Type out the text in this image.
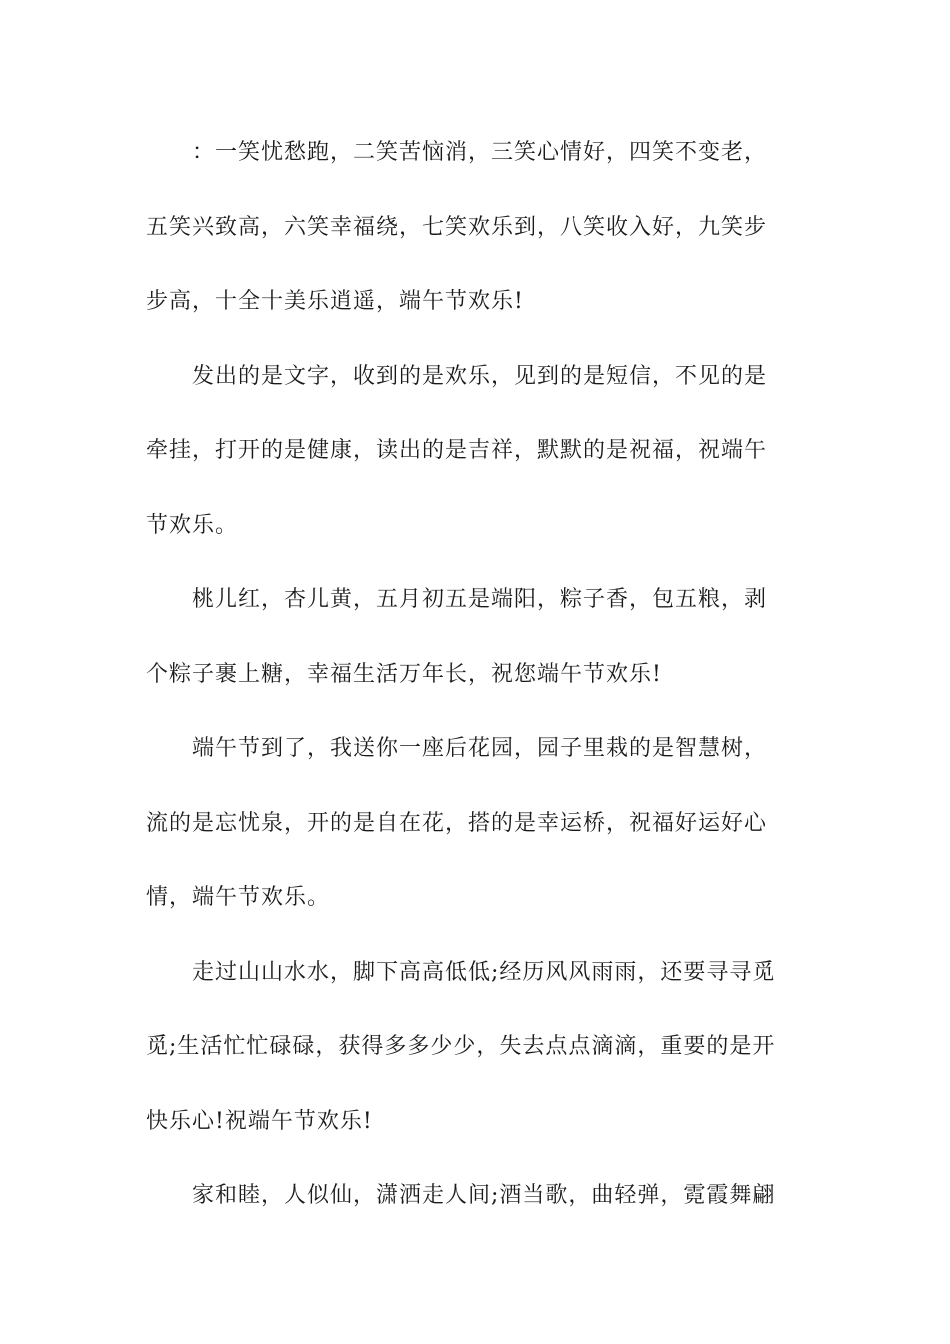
：一笑忧愁跑，二笑苦恼消，三笑心情好，四笑不变老，
五笑兴致高，六笑幸福绕，七笑欢乐到，八笑收入好，九笑步
步高，十全十美乐逍遥，端午节欢乐!
发出的是文字，收到的是欢乐，见到的是短信，不见的是
牵挂，打开的是健康，读出的是吉祥，默默的是祝福，祝端午
节欢乐。
桃儿红，杏儿黄，五月初五是端阳，粽子香，包五粮，剥
个粽子裹上糖，幸福生活万年长，祝您端午节欢乐!
端午节到了，我送你一座后花园，园子里栽的是智慧树，
流的是忘忧泉，开的是自在花，搭的是幸运桥，祝福好运好心
情，端午节欢乐。
走过山山水水，脚下高高低低;经历风风雨雨，还要寻寻觅
觅;生活忙忙碌碌，获得多多少少，失去点点滴滴，重要的是开
快乐心!祝端午节欢乐!
家和睦，人似仙，潇洒走人间;酒当歌，曲轻弹，霓霞舞翩
